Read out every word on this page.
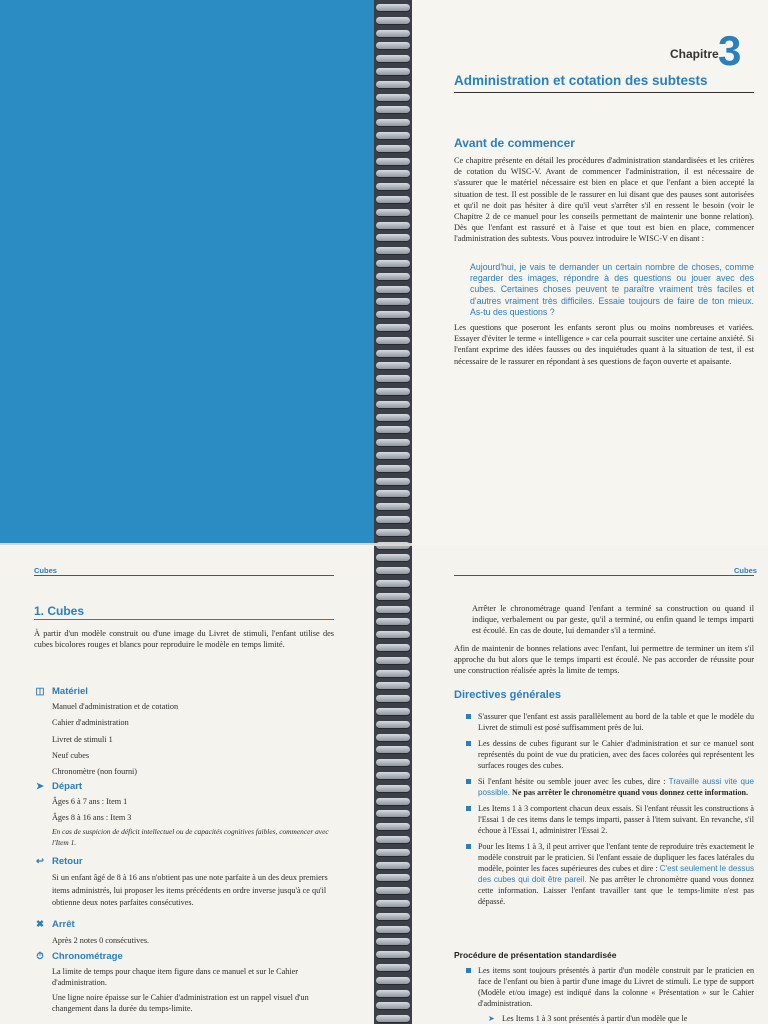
Chapitre 3
Administration et cotation des subtests
Avant de commencer

Ce chapitre présente en détail les procédures d'administration standardisées et les critères de cotation du WISC-V. Avant de commencer l'administration, il est nécessaire de s'assurer que le matériel nécessaire est bien en place et que l'enfant a bien accepté la situation de test. Il est possible de le rassurer en lui disant que des pauses sont autorisées et qu'il ne doit pas hésiter à dire qu'il veut s'arrêter s'il en ressent le besoin (voir le Chapitre 2 de ce manuel pour les conseils permettant de maintenir une bonne relation). Dès que l'enfant est rassuré et à l'aise et que tout est bien en place, commencer l'administration des subtests. Vous pouvez introduire le WISC-V en disant :

Aujourd'hui, je vais te demander un certain nombre de choses, comme regarder des images, répondre à des questions ou jouer avec des cubes. Certaines choses peuvent te paraître vraiment très faciles et d'autres vraiment très difficiles. Essaie toujours de faire de ton mieux. As-tu des questions ?

Les questions que poseront les enfants seront plus ou moins nombreuses et variées. Essayer d'éviter le terme « intelligence » car cela pourrait susciter une certaine anxiété. Si l'enfant exprime des idées fausses ou des inquiétudes quant à la situation de test, il est nécessaire de le rassurer en répondant à ses questions de façon ouverte et apaisante.

Cubes
1. Cubes

À partir d'un modèle construit ou d'une image du Livret de stimuli, l'enfant utilise des cubes bicolores rouges et blancs pour reproduire le modèle en temps limité.

◫ Matériel
Manuel d'administration et de cotation
Cahier d'administration
Livret de stimuli 1
Neuf cubes
Chronomètre (non fourni)
➤ Départ

Âges 6 à 7 ans : Item 1

Âges 8 à 16 ans : Item 3

En cas de suspicion de déficit intellectuel ou de capacités cognitives faibles, commencer avec l'Item 1.

↩ Retour

Si un enfant âgé de 8 à 16 ans n'obtient pas une note parfaite à un des deux premiers items administrés, lui proposer les items précédents en ordre inverse jusqu'à ce qu'il obtienne deux notes parfaites consécutives.

✖ Arrêt

Après 2 notes 0 consécutives.

⏱ Chronométrage

La limite de temps pour chaque item figure dans ce manuel et sur le Cahier d'administration.

Une ligne noire épaisse sur le Cahier d'administration est un rappel visuel d'un changement dans la durée du temps-limite.

Cubes

Arrêter le chronométrage quand l'enfant a terminé sa construction ou quand il indique, verbalement ou par geste, qu'il a terminé, ou enfin quand le temps imparti est écoulé. En cas de doute, lui demander s'il a terminé.

Afin de maintenir de bonnes relations avec l'enfant, lui permettre de terminer un item s'il approche du but alors que le temps imparti est écoulé. Ne pas accorder de réussite pour une construction réalisée après la limite de temps.

Directives générales
S'assurer que l'enfant est assis parallèlement au bord de la table et que le modèle du Livret de stimuli est posé suffisamment près de lui.
Les dessins de cubes figurant sur le Cahier d'administration et sur ce manuel sont représentés du point de vue du praticien, avec des faces colorées qui représentent les surfaces rouges des cubes.
Si l'enfant hésite ou semble jouer avec les cubes, dire : Travaille aussi vite que possible. Ne pas arrêter le chronomètre quand vous donnez cette information.
Les Items 1 à 3 comportent chacun deux essais. Si l'enfant réussit les constructions à l'Essai 1 de ces items dans le temps imparti, passer à l'item suivant. En revanche, s'il échoue à l'Essai 1, administrer l'Essai 2.
Pour les Items 1 à 3, il peut arriver que l'enfant tente de reproduire très exactement le modèle construit par le praticien. Si l'enfant essaie de dupliquer les faces latérales du modèle, pointer les faces supérieures des cubes et dire : C'est seulement le dessus des cubes qui doit être pareil. Ne pas arrêter le chronomètre quand vous donnez cette information. Laisser l'enfant travailler tant que le temps-limite n'est pas dépassé.
Procédure de présentation standardisée
Les items sont toujours présentés à partir d'un modèle construit par le praticien en face de l'enfant ou bien à partir d'une image du Livret de stimuli. Le type de support (Modèle et/ou image) est indiqué dans la colonne « Présentation » sur le Cahier d'administration.
➤ Les Items 1 à 3 sont présentés à partir d'un modèle que le
